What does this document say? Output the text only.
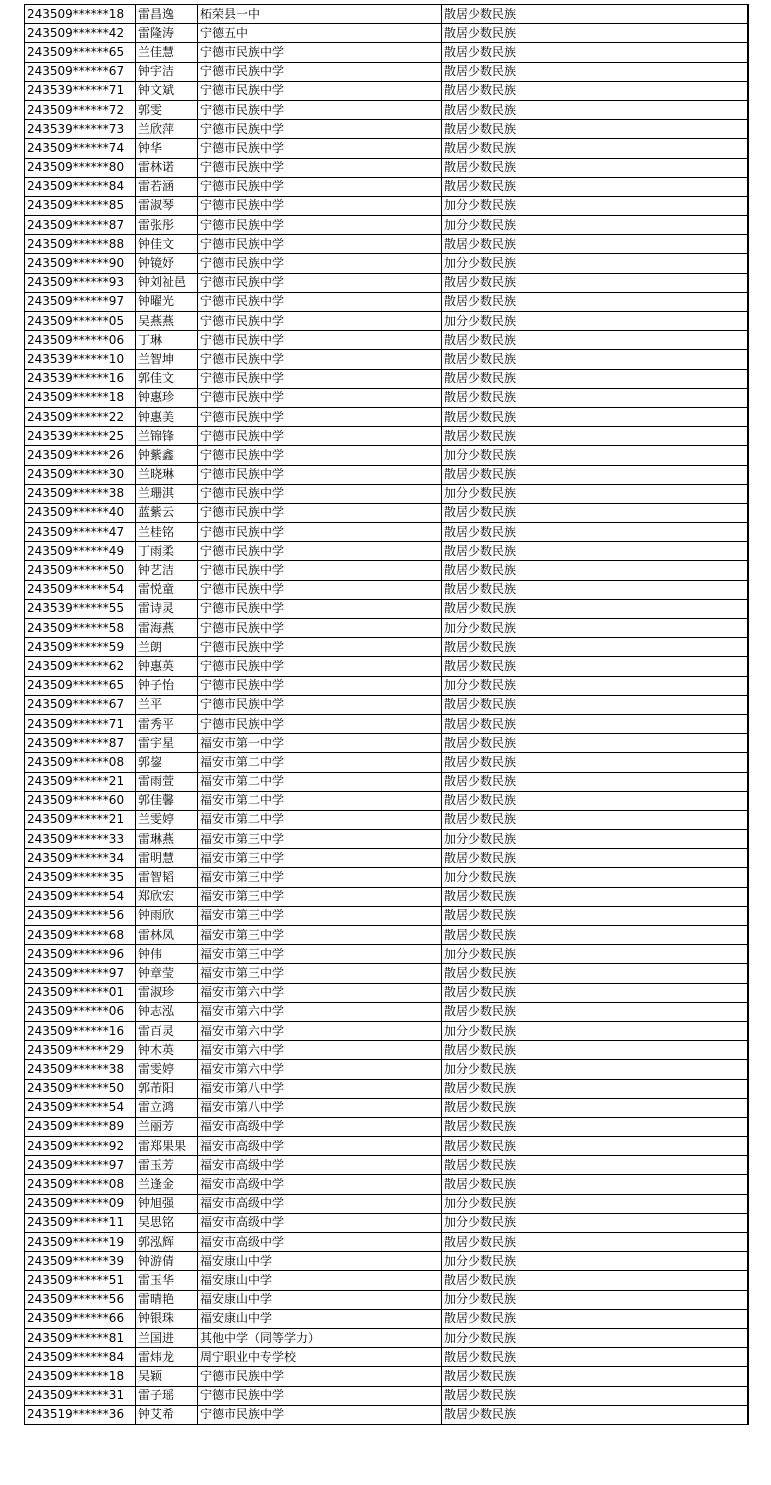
243509******18	雷昌逸	柘荣县一中	散居少数民族
243509******42	雷隆涛	宁德五中	散居少数民族
243509******65	兰佳慧	宁德市民族中学	散居少数民族
243509******67	钟宇洁	宁德市民族中学	散居少数民族
243539******71	钟文斌	宁德市民族中学	散居少数民族
243509******72	郭雯	宁德市民族中学	散居少数民族
243539******73	兰欣萍	宁德市民族中学	散居少数民族
243509******74	钟华	宁德市民族中学	散居少数民族
243509******80	雷林诺	宁德市民族中学	散居少数民族
243509******84	雷若涵	宁德市民族中学	散居少数民族
243509******85	雷淑琴	宁德市民族中学	加分少数民族
243509******87	雷张彤	宁德市民族中学	加分少数民族
243509******88	钟佳文	宁德市民族中学	散居少数民族
243509******90	钟镜妤	宁德市民族中学	加分少数民族
243509******93	钟刘祉邑	宁德市民族中学	散居少数民族
243509******97	钟曜光	宁德市民族中学	散居少数民族
243509******05	吴燕燕	宁德市民族中学	加分少数民族
243509******06	丁琳	宁德市民族中学	散居少数民族
243539******10	兰智坤	宁德市民族中学	散居少数民族
243539******16	郭佳文	宁德市民族中学	散居少数民族
243509******18	钟惠珍	宁德市民族中学	散居少数民族
243509******22	钟惠美	宁德市民族中学	散居少数民族
243539******25	兰锦锋	宁德市民族中学	散居少数民族
243509******26	钟紫鑫	宁德市民族中学	加分少数民族
243509******30	兰晓琳	宁德市民族中学	散居少数民族
243509******38	兰珊淇	宁德市民族中学	加分少数民族
243509******40	蓝紫云	宁德市民族中学	散居少数民族
243509******47	兰桂铭	宁德市民族中学	散居少数民族
243509******49	丁雨柔	宁德市民族中学	散居少数民族
243509******50	钟艺洁	宁德市民族中学	散居少数民族
243509******54	雷悦童	宁德市民族中学	散居少数民族
243539******55	雷诗灵	宁德市民族中学	散居少数民族
243509******58	雷海燕	宁德市民族中学	加分少数民族
243509******59	兰朗	宁德市民族中学	散居少数民族
243509******62	钟惠英	宁德市民族中学	散居少数民族
243509******65	钟子怡	宁德市民族中学	加分少数民族
243509******67	兰平	宁德市民族中学	散居少数民族
243509******71	雷秀平	宁德市民族中学	散居少数民族
243509******87	雷宇星	福安市第一中学	散居少数民族
243509******08	郭鋆	福安市第二中学	散居少数民族
243509******21	雷雨萱	福安市第二中学	散居少数民族
243509******60	郭佳馨	福安市第二中学	散居少数民族
243509******21	兰雯婷	福安市第二中学	散居少数民族
243509******33	雷琳燕	福安市第三中学	加分少数民族
243509******34	雷明慧	福安市第三中学	散居少数民族
243509******35	雷智韬	福安市第三中学	加分少数民族
243509******54	郑欣宏	福安市第三中学	散居少数民族
243509******56	钟雨欣	福安市第三中学	散居少数民族
243509******68	雷林凤	福安市第三中学	散居少数民族
243509******96	钟伟	福安市第三中学	加分少数民族
243509******97	钟章莹	福安市第三中学	散居少数民族
243509******01	雷淑珍	福安市第六中学	散居少数民族
243509******06	钟志泓	福安市第六中学	散居少数民族
243509******16	雷百灵	福安市第六中学	加分少数民族
243509******29	钟木英	福安市第六中学	散居少数民族
243509******38	雷雯婷	福安市第六中学	加分少数民族
243509******50	郭芾阳	福安市第八中学	散居少数民族
243509******54	雷立鸿	福安市第八中学	散居少数民族
243509******89	兰丽芳	福安市高级中学	散居少数民族
243509******92	雷郑果果	福安市高级中学	散居少数民族
243509******97	雷玉芳	福安市高级中学	散居少数民族
243509******08	兰逢金	福安市高级中学	散居少数民族
243509******09	钟旭强	福安市高级中学	加分少数民族
243509******11	吴思铭	福安市高级中学	加分少数民族
243509******19	郭泓辉	福安市高级中学	散居少数民族
243509******39	钟游倩	福安康山中学	加分少数民族
243509******51	雷玉华	福安康山中学	散居少数民族
243509******56	雷晴艳	福安康山中学	加分少数民族
243509******66	钟银珠	福安康山中学	散居少数民族
243509******81	兰国进	其他中学（同等学力）	加分少数民族
243509******84	雷炜龙	周宁职业中专学校	散居少数民族
243509******18	吴颖	宁德市民族中学	散居少数民族
243509******31	雷子瑶	宁德市民族中学	散居少数民族
243519******36	钟艾希	宁德市民族中学	散居少数民族
